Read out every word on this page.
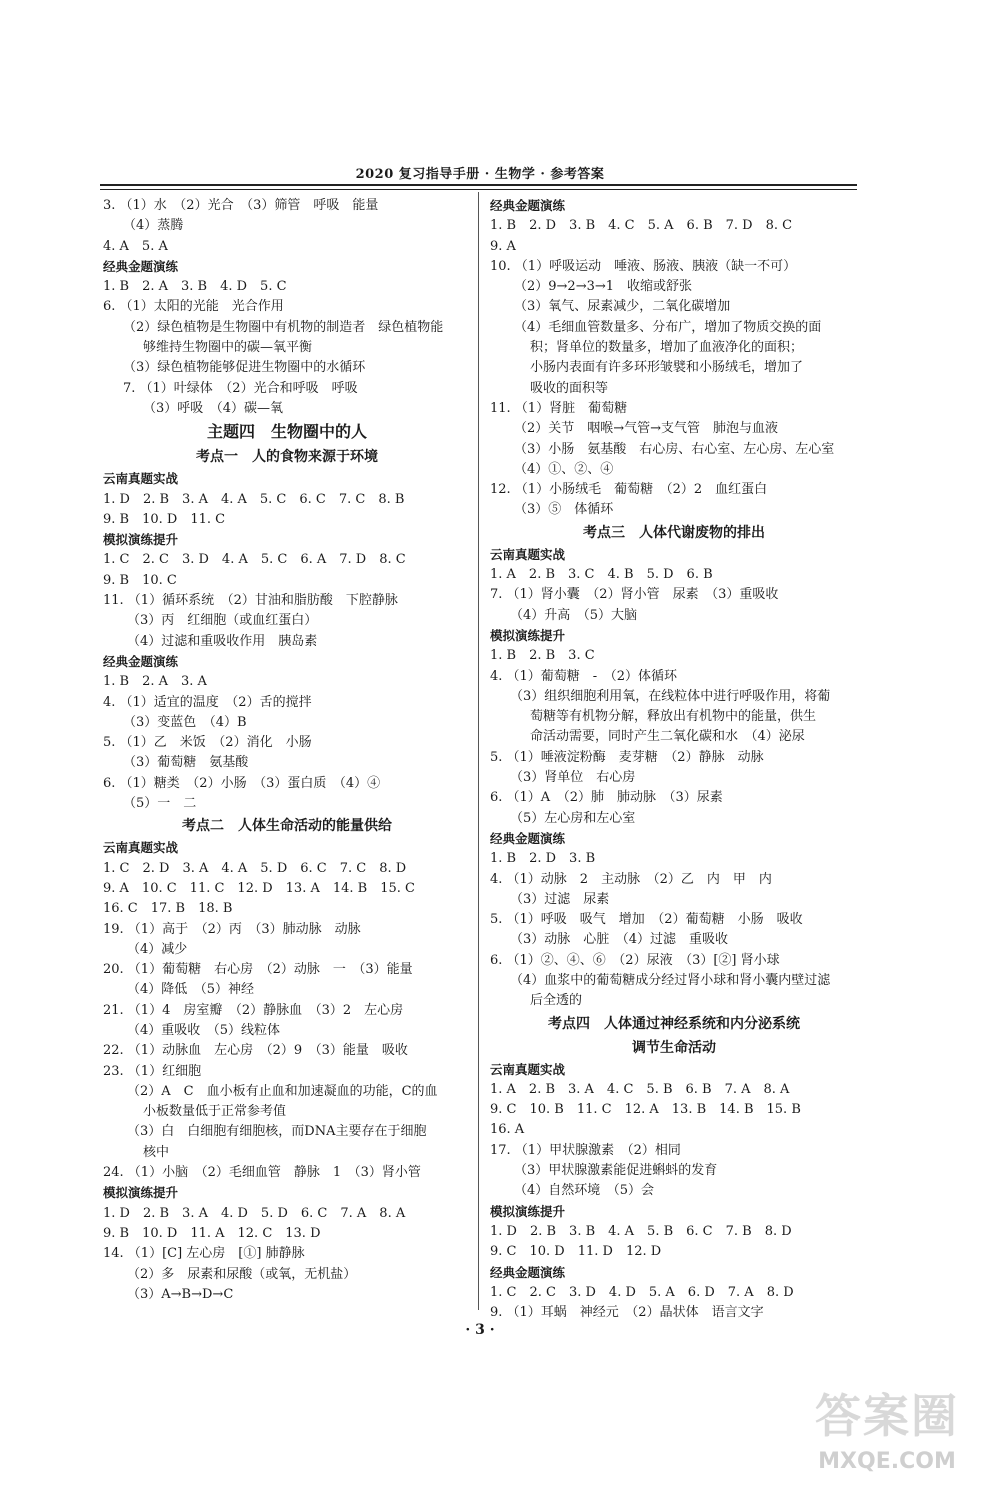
2020 复习指导手册 · 生物学 · 参考答案
3. （1）水　（2）光合　（3）筛管　呼吸　能量
（4）蒸腾
4. A　5. A
经典金题演练
1. B　2. A　3. B　4. D　5. C
6. （1）太阳的光能　光合作用
（2）绿色植物是生物圈中有机物的制造者　绿色植物能
够维持生物圈中的碳—氧平衡
（3）绿色植物能够促进生物圈中的水循环
7. （1）叶绿体　（2）光合和呼吸　呼吸
（3）呼吸　（4）碳—氧
主题四　生物圈中的人
考点一　人的食物来源于环境
云南真题实战
1. D　2. B　3. A　4. A　5. C　6. C　7. C　8. B
9. B　10. D　11. C
模拟演练提升
1. C　2. C　3. D　4. A　5. C　6. A　7. D　8. C
9. B　10. C
11. （1）循环系统　（2）甘油和脂肪酸　下腔静脉
（3）丙　红细胞（或血红蛋白）
（4）过滤和重吸收作用　胰岛素
经典金题演练
1. B　2. A　3. A
4. （1）适宜的温度　（2）舌的搅拌
（3）变蓝色　（4）B
5. （1）乙　米饭　（2）消化　小肠
（3）葡萄糖　氨基酸
6. （1）糖类　（2）小肠　（3）蛋白质　（4）④
（5）一　二
考点二　人体生命活动的能量供给
云南真题实战
1. C　2. D　3. A　4. A　5. D　6. C　7. C　8. D
9. A　10. C　11. C　12. D　13. A　14. B　15. C
16. C　17. B　18. B
19. （1）高于　（2）丙　（3）肺动脉　动脉
（4）减少
20. （1）葡萄糖　右心房　（2）动脉　一　（3）能量
（4）降低　（5）神经
21. （1）4　房室瓣　（2）静脉血　（3）2　左心房
（4）重吸收　（5）线粒体
22. （1）动脉血　左心房　（2）9　（3）能量　吸收
23. （1）红细胞
（2）A　C　血小板有止血和加速凝血的功能，C的血
小板数量低于正常参考值
（3）白　白细胞有细胞核，而DNA主要存在于细胞
核中
24. （1）小脑　（2）毛细血管　静脉　1　（3）肾小管
模拟演练提升
1. D　2. B　3. A　4. D　5. D　6. C　7. A　8. A
9. B　10. D　11. A　12. C　13. D
14. （1）[C] 左心房　[①] 肺静脉
（2）多　尿素和尿酸（或氧，无机盐）
（3）A→B→D→C
经典金题演练
1. B　2. D　3. B　4. C　5. A　6. B　7. D　8. C
9. A
10. （1）呼吸运动　唾液、肠液、胰液（缺一不可）
（2）9→2→3→1　收缩或舒张
（3）氧气、尿素减少，二氧化碳增加
（4）毛细血管数量多、分布广，增加了物质交换的面
积；肾单位的数量多，增加了血液净化的面积；
小肠内表面有许多环形皱襞和小肠绒毛，增加了
吸收的面积等
11. （1）肾脏　葡萄糖
（2）关节　咽喉→气管→支气管　肺泡与血液
（3）小肠　氨基酸　右心房、右心室、左心房、左心室
（4）①、②、④
12. （1）小肠绒毛　葡萄糖　（2）2　血红蛋白
（3）⑤　体循环
考点三　人体代谢废物的排出
云南真题实战
1. A　2. B　3. C　4. B　5. D　6. B
7. （1）肾小囊　（2）肾小管　尿素　（3）重吸收
（4）升高　（5）大脑
模拟演练提升
1. B　2. B　3. C
4. （1）葡萄糖　-　（2）体循环
（3）组织细胞利用氧，在线粒体中进行呼吸作用，将葡
萄糖等有机物分解，释放出有机物中的能量，供生
命活动需要，同时产生二氧化碳和水　（4）泌尿
5. （1）唾液淀粉酶　麦芽糖　（2）静脉　动脉
（3）肾单位　右心房
6. （1）A　（2）肺　肺动脉　（3）尿素
（5）左心房和左心室
经典金题演练
1. B　2. D　3. B
4. （1）动脉　2　主动脉　（2）乙　内　甲　内
（3）过滤　尿素
5. （1）呼吸　吸气　增加　（2）葡萄糖　小肠　吸收
（3）动脉　心脏　（4）过滤　重吸收
6. （1）②、④、⑥　（2）尿液　（3）[②] 肾小球
（4）血浆中的葡萄糖成分经过肾小球和肾小囊内壁过滤
后全透的
考点四　人体通过神经系统和内分泌系统
调节生命活动
云南真题实战
1. A　2. B　3. A　4. C　5. B　6. B　7. A　8. A
9. C　10. B　11. C　12. A　13. B　14. B　15. B
16. A
17. （1）甲状腺激素　（2）相同
（3）甲状腺激素能促进蝌蚪的发育
（4）自然环境　（5）会
模拟演练提升
1. D　2. B　3. B　4. A　5. B　6. C　7. B　8. D
9. C　10. D　11. D　12. D
经典金题演练
1. C　2. C　3. D　4. D　5. A　6. D　7. A　8. D
9. （1）耳蜗　神经元　（2）晶状体　语言文字
· 3 ·
答案圈
MXQE.COM
